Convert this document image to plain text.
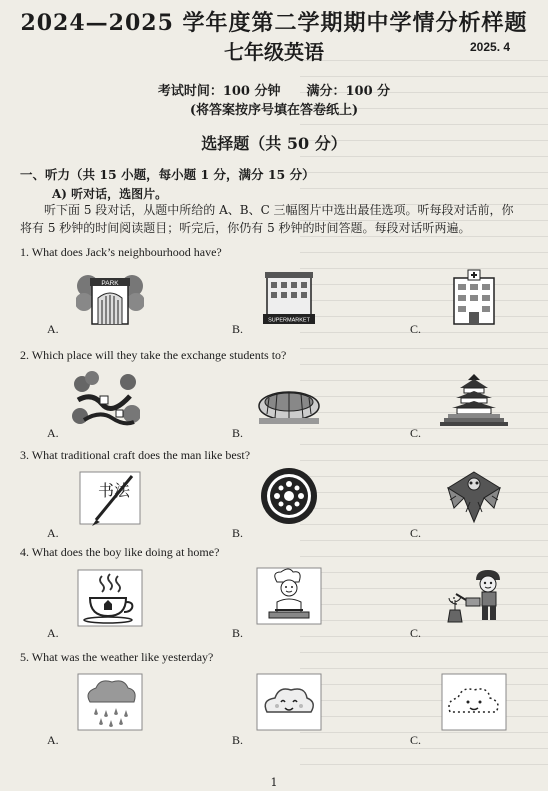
2024—2025 学年度第二学期期中学情分析样题
七年级英语	2025. 4
考试时间：100 分钟　　满分：100 分
(将答案按序号填在答卷纸上)
选择题（共 50 分）
一、听力（共 15 小题，每小题 1 分，满分 15 分）
A) 听对话，选图片。
听下面 5 段对话，从题中所给的 A、B、C 三幅图片中选出最佳选项。听每段对话前，你
将有 5 秒钟的时间阅读题目；听完后，你仍有 5 秒钟的时间答题。每段对话听两遍。
1. What does Jack’s neighbourhood have?
A.	B.	C.
PARK
SUPERMARKET
2. Which place will they take the exchange students to?
A.	B.	C.
3. What traditional craft does the man like best?
A.	B.	C.
书法
4. What does the boy like doing at home?
A.	B.	C.
5. What was the weather like yesterday?
A.	B.	C.
1
